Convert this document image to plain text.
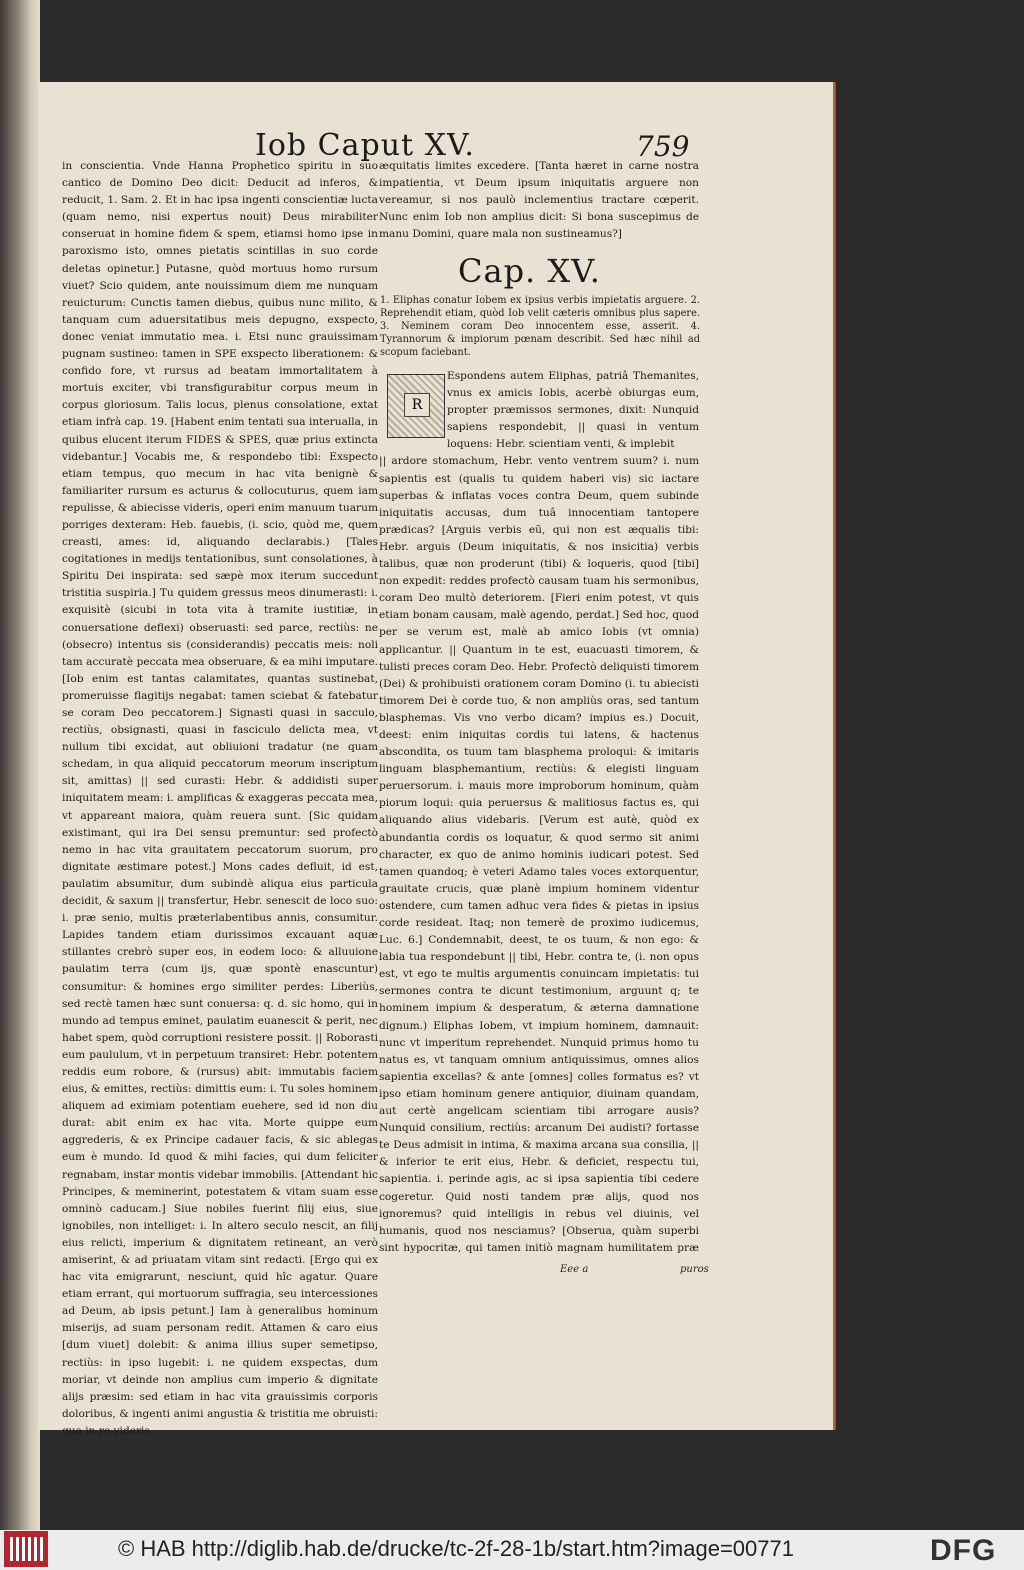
Iob Caput XV.	759

in conscientia. Vnde Hanna Prophetico spiritu in suo cantico de Domino Deo dicit: Deducit ad inferos, & reducit, 1. Sam. 2. Et in hac ipsa ingenti conscientiæ lucta (quam nemo, nisi expertus nouit) Deus mirabiliter conseruat in homine fidem & spem, etiamsi homo ipse in paroxismo isto, omnes pietatis scintillas in suo corde deletas opinetur.] Putasne, quòd mortuus homo rursum viuet? Scio quidem, ante nouissimum diem me nunquam reuicturum: Cunctis tamen diebus, quibus nunc milito, & tanquam cum aduersitatibus meis depugno, exspecto, donec veniat immutatio mea. i. Etsi nunc grauissimam pugnam sustineo: tamen in SPE exspecto liberationem: & confido fore, vt rursus ad beatam immortalitatem à mortuis exciter, vbi transfigurabitur corpus meum in corpus gloriosum. Talis locus, plenus consolatione, extat etiam infrà cap. 19. [Habent enim tentati sua interualla, in quibus elucent iterum FIDES & SPES, quæ prius extincta videbantur.] Vocabis me, & respondebo tibi: Exspecto etiam tempus, quo mecum in hac vita benignè & familiariter rursum es acturus & collocuturus, quem iam repulisse, & abiecisse videris, operi enim manuum tuarum porriges dexteram: Heb. fauebis, (i. scio, quòd me, quem creasti, ames: id, aliquando declarabis.) [Tales cogitationes in medijs tentationibus, sunt consolationes, à Spiritu Dei inspirata: sed sæpè mox iterum succedunt tristitia suspiria.] Tu quidem gressus meos dinumerasti: i. exquisitè (sicubi in tota vita à tramite iustitiæ, in conuersatione deflexi) obseruasti: sed parce, rectiùs: ne (obsecro) intentus sis (considerandis) peccatis meis: noli tam accuratè peccata mea obseruare, & ea mihi imputare. [Iob enim est tantas calamitates, quantas sustinebat, promeruisse flagitijs negabat: tamen sciebat & fatebatur se coram Deo peccatorem.] Signasti quasi in sacculo, rectiùs, obsignasti, quasi in fasciculo delicta mea, vt nullum tibi excidat, aut obliuioni tradatur (ne quam schedam, in qua aliquid peccatorum meorum inscriptum sit, amittas) || sed curasti: Hebr. & addidisti super iniquitatem meam: i. amplificas & exaggeras peccata mea, vt appareant maiora, quàm reuera sunt. [Sic quidam existimant, qui ira Dei sensu premuntur: sed profectò nemo in hac vita grauitatem peccatorum suorum, pro dignitate æstimare potest.] Mons cades defluit, id est, paulatim absumitur, dum subindè aliqua eius particula decidit, & saxum || transfertur, Hebr. senescit de loco suo: i. præ senio, multis præterlabentibus annis, consumitur. Lapides tandem etiam durissimos excauant aquæ stillantes crebrò super eos, in eodem loco: & alluuione paulatim terra (cum ijs, quæ spontè enascuntur) consumitur: & homines ergo similiter perdes: Liberiùs, sed rectè tamen hæc sunt conuersa: q. d. sic homo, qui in mundo ad tempus eminet, paulatim euanescit & perit, nec habet spem, quòd corruptioni resistere possit. || Roborasti eum paululum, vt in perpetuum transiret: Hebr. potentem reddis eum robore, & (rursus) abit: immutabis faciem eius, & emittes, rectiùs: dimittis eum: i. Tu soles hominem aliquem ad eximiam potentiam euehere, sed id non diu durat: abit enim ex hac vita. Morte quippe eum aggrederis, & ex Principe cadauer facis, & sic ablegas eum è mundo. Id quod & mihi facies, qui dum feliciter regnabam, instar montis videbar immobilis. [Attendant hic Principes, & meminerint, potestatem & vitam suam esse omninò caducam.] Siue nobiles fuerint filij eius, siue ignobiles, non intelliget: i. In altero seculo nescit, an filij eius relicti, imperium & dignitatem retineant, an verò amiserint, & ad priuatam vitam sint redacti. [Ergo qui ex hac vita emigrarunt, nesciunt, quid hîc agatur. Quare etiam errant, qui mortuorum suffragia, seu intercessiones ad Deum, ab ipsis petunt.] Iam à generalibus hominum miserijs, ad suam personam redit. Attamen & caro eius [dum viuet] dolebit: & anima illius super semetipso, rectiùs: in ipso lugebit: i. ne quidem exspectas, dum moriar, vt deinde non amplius cum imperio & dignitate alijs præsim: sed etiam in hac vita grauissimis corporis doloribus, & ingenti animi angustia & tristitia me obruisti: qua in re videris

æquitatis limites excedere. [Tanta hæret in carne nostra impatientia, vt Deum ipsum iniquitatis arguere non vereamur, si nos paulò inclementius tractare cœperit. Nunc enim Iob non amplius dicit: Si bona suscepimus de manu Domini, quare mala non sustineamus?]

Cap. XV.
1. Eliphas conatur Iobem ex ipsius verbis impietatis arguere. 2. Reprehendit etiam, quòd Iob velit cæteris omnibus plus sapere. 3. Neminem coram Deo innocentem esse, asserit. 4. Tyrannorum & impiorum pœnam describit. Sed hæc nihil ad scopum faciebant.
R
Espondens autem Eliphas, patriâ Themanites, vnus ex amicis Iobis, acerbè obiurgas eum, propter præmissos sermones, dixit: Nunquid sapiens respondebit, || quasi in ventum loquens: Hebr. scientiam venti, & implebit
|| ardore stomachum, Hebr. vento ventrem suum? i. num sapientis est (qualis tu quidem haberi vis) sic iactare superbas & inflatas voces contra Deum, quem subinde iniquitatis accusas, dum tuâ innocentiam tantopere prædicas? [Arguis verbis eũ, qui non est æqualis tibi: Hebr. arguis (Deum iniquitatis, & nos insicitia) verbis talibus, quæ non proderunt (tibi) & loqueris, quod [tibi] non expedit: reddes profectò causam tuam his sermonibus, coram Deo multò deteriorem. [Fieri enim potest, vt quis etiam bonam causam, malè agendo, perdat.] Sed hoc, quod per se verum est, malè ab amico Iobis (vt omnia) applicantur. || Quantum in te est, euacuasti timorem, & tulisti preces coram Deo. Hebr. Profectò deliquisti timorem (Dei) & prohibuisti orationem coram Domino (i. tu abiecisti timorem Dei è corde tuo, & non ampliùs oras, sed tantum blasphemas. Vis vno verbo dicam? impius es.) Docuit, deest: enim iniquitas cordis tui latens, & hactenus abscondita, os tuum tam blasphema proloqui: & imitaris linguam blasphemantium, rectiùs: & elegisti linguam peruersorum. i. mauis more improborum hominum, quàm piorum loqui: quia peruersus & malitiosus factus es, qui aliquando alius videbaris. [Verum est autè, quòd ex abundantia cordis os loquatur, & quod sermo sit animi character, ex quo de animo hominis iudicari potest. Sed tamen quandoq; è veteri Adamo tales voces extorquentur, grauitate crucis, quæ planè impium hominem videntur ostendere, cum tamen adhuc vera fides & pietas in ipsius corde resideat. Itaq; non temerè de proximo iudicemus, Luc. 6.] Condemnabit, deest, te os tuum, & non ego: & labia tua respondebunt || tibi, Hebr. contra te, (i. non opus est, vt ego te multis argumentis conuincam impietatis: tui sermones contra te dicunt testimonium, arguunt q; te hominem impium & desperatum, & æterna damnatione dignum.) Eliphas Iobem, vt impium hominem, damnauit: nunc vt imperitum reprehendet. Nunquid primus homo tu natus es, vt tanquam omnium antiquissimus, omnes alios sapientia excellas? & ante [omnes] colles formatus es? vt ipso etiam hominum genere antiquior, diuinam quandam, aut certè angelicam scientiam tibi arrogare ausis? Nunquid consilium, rectiùs: arcanum Dei audisti? fortasse te Deus admisit in intima, & maxima arcana sua consilia, || & inferior te erit eius, Hebr. & deficiet, respectu tui, sapientia. i. perinde agis, ac si ipsa sapientia tibi cedere cogeretur. Quid nosti tandem præ alijs, quod nos ignoremus? quid intelligis in rebus vel diuinis, vel humanis, quod nos nesciamus? [Obserua, quàm superbi sint hypocritæ, qui tamen initiò magnam humilitatem præ
Eee a	puros
© HAB http://diglib.hab.de/drucke/tc-2f-28-1b/start.htm?image=00771	DFG
